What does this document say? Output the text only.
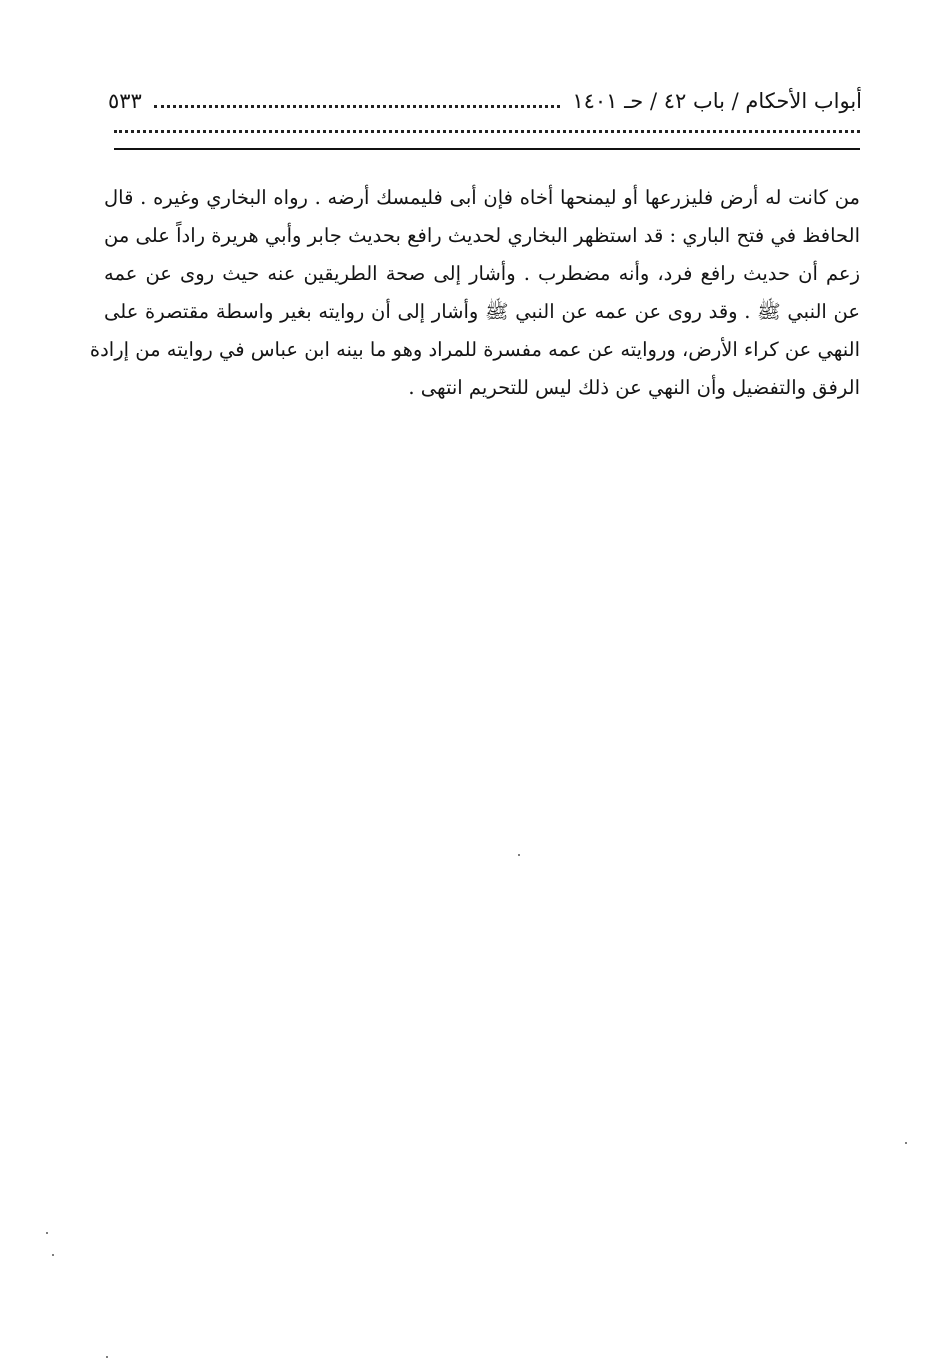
أبواب الأحكام / باب ٤٢ / حـ ١٤٠١
٥٣٣
من كانت له أرض فليزرعها أو ليمنحها أخاه فإن أبى فليمسك أرضه . رواه البخاري وغيره . قال
الحافظ في فتح الباري : قد استظهر البخاري لحديث رافع بحديث جابر وأبي هريرة راداً على من
زعم أن حديث رافع فرد، وأنه مضطرب . وأشار إلى صحة الطريقين عنه حيث روى عن عمه
عن النبي ﷺ . وقد روى عن عمه عن النبي ﷺ وأشار إلى أن روايته بغير واسطة مقتصرة على
النهي عن كراء الأرض، وروايته عن عمه مفسرة للمراد وهو ما بينه ابن عباس في روايته من إرادة
الرفق والتفضيل وأن النهي عن ذلك ليس للتحريم انتهى .
